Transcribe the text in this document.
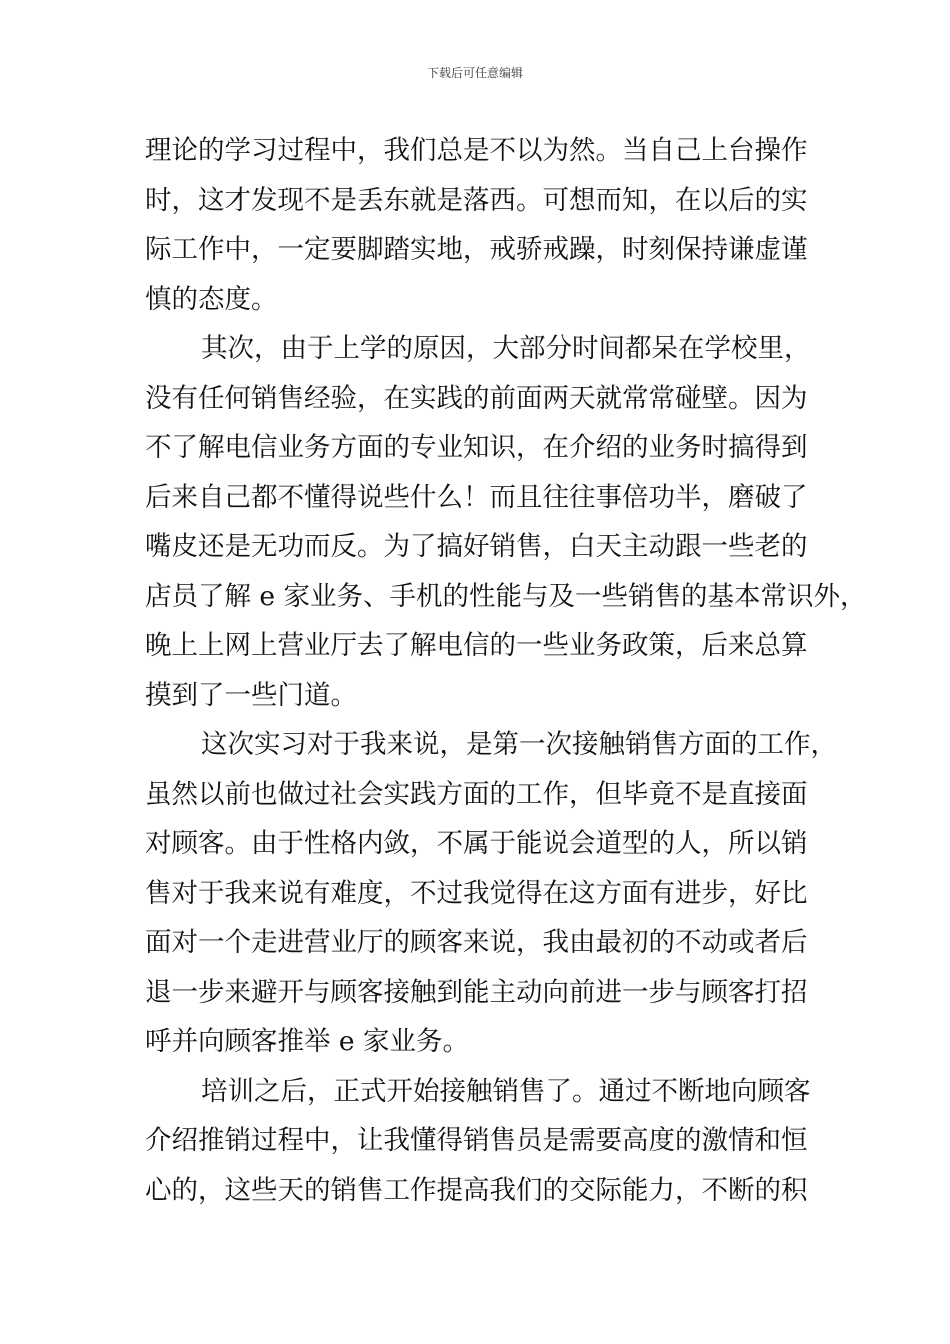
下载后可任意编辑
理论的学习过程中，我们总是不以为然。当自己上台操作
时，这才发现不是丢东就是落西。可想而知，在以后的实
际工作中，一定要脚踏实地，戒骄戒躁，时刻保持谦虚谨
慎的态度。
其次，由于上学的原因，大部分时间都呆在学校里，
没有任何销售经验，在实践的前面两天就常常碰壁。因为
不了解电信业务方面的专业知识，在介绍的业务时搞得到
后来自己都不懂得说些什么！而且往往事倍功半，磨破了
嘴皮还是无功而反。为了搞好销售，白天主动跟一些老的
店员了解 e 家业务、手机的性能与及一些销售的基本常识外，
晚上上网上营业厅去了解电信的一些业务政策，后来总算
摸到了一些门道。
这次实习对于我来说，是第一次接触销售方面的工作，
虽然以前也做过社会实践方面的工作，但毕竟不是直接面
对顾客。由于性格内敛，不属于能说会道型的人，所以销
售对于我来说有难度，不过我觉得在这方面有进步，好比
面对一个走进营业厅的顾客来说，我由最初的不动或者后
退一步来避开与顾客接触到能主动向前进一步与顾客打招
呼并向顾客推举 e 家业务。
培训之后，正式开始接触销售了。通过不断地向顾客
介绍推销过程中，让我懂得销售员是需要高度的激情和恒
心的，这些天的销售工作提高我们的交际能力，不断的积
